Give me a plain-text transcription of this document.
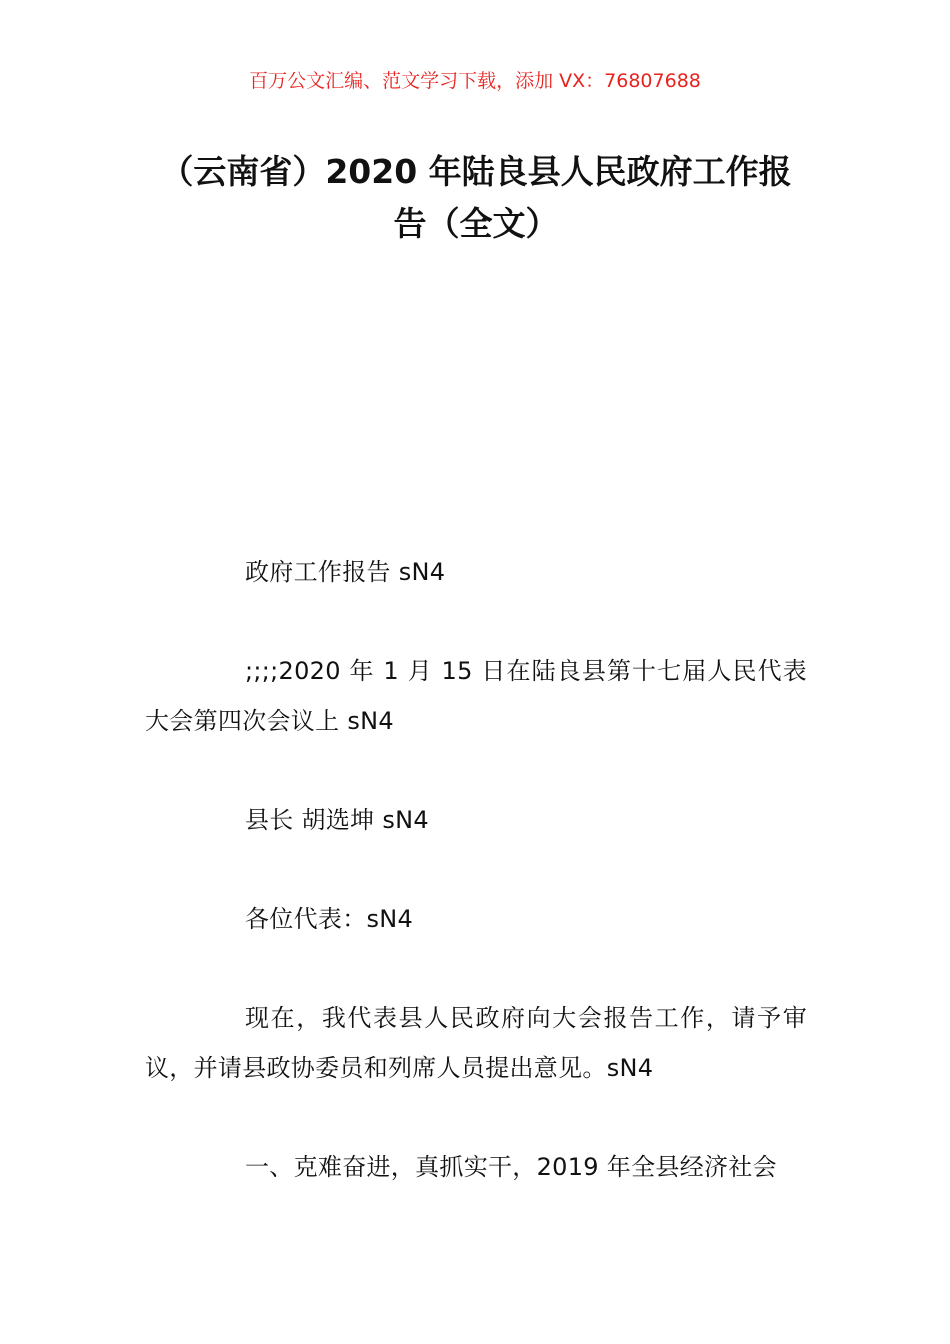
百万公文汇编、范文学习下载，添加 VX：76807688
（云南省）2020 年陆良县人民政府工作报告（全文）

政府工作报告 sN4

;;;;2020 年 1 月 15 日在陆良县第十七届人民代表大会第四次会议上 sN4

县长 胡选坤 sN4

各位代表：sN4

现在，我代表县人民政府向大会报告工作，请予审议，并请县政协委员和列席人员提出意见。sN4

一、克难奋进，真抓实干，2019 年全县经济社会
